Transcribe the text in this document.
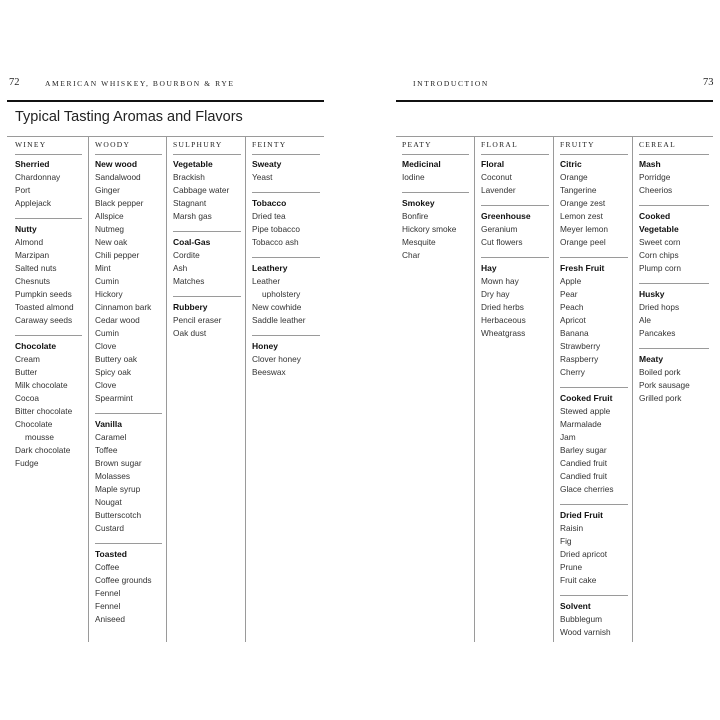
72	AMERICAN WHISKEY, BOURBON & RYE
Typical Tasting Aromas and Flavors
INTRODUCTION	73
WINEY
Sherried
Chardonnay
Port
Applejack
Nutty
Almond
Marzipan
Salted nuts
Chesnuts
Pumpkin seeds
Toasted almond
Caraway seeds
Chocolate
Cream
Butter
Milk chocolate
Cocoa
Bitter chocolate
Chocolate
mousse
Dark chocolate
Fudge
WOODY
New wood
Sandalwood
Ginger
Black pepper
Allspice
Nutmeg
New oak
Chili pepper
Mint
Cumin
Hickory
Cinnamon bark
Cedar wood
Cumin
Clove
Buttery oak
Spicy oak
Clove
Spearmint
Vanilla
Caramel
Toffee
Brown sugar
Molasses
Maple syrup
Nougat
Butterscotch
Custard
Toasted
Coffee
Coffee grounds
Fennel
Fennel
Aniseed
SULPHURY
Vegetable
Brackish
Cabbage water
Stagnant
Marsh gas
Coal-Gas
Cordite
Ash
Matches
Rubbery
Pencil eraser
Oak dust
FEINTY
Sweaty
Yeast
Tobacco
Dried tea
Pipe tobacco
Tobacco ash
Leathery
Leather
upholstery
New cowhide
Saddle leather
Honey
Clover honey
Beeswax
PEATY
Medicinal
Iodine
Smokey
Bonfire
Hickory smoke
Mesquite
Char
FLORAL
Floral
Coconut
Lavender
Greenhouse
Geranium
Cut flowers
Hay
Mown hay
Dry hay
Dried herbs
Herbaceous
Wheatgrass
FRUITY
Citric
Orange
Tangerine
Orange zest
Lemon zest
Meyer lemon
Orange peel
Fresh Fruit
Apple
Pear
Peach
Apricot
Banana
Strawberry
Raspberry
Cherry
Cooked Fruit
Stewed apple
Marmalade
Jam
Barley sugar
Candied fruit
Candied fruit
Glace cherries
Dried Fruit
Raisin
Fig
Dried apricot
Prune
Fruit cake
Solvent
Bubblegum
Wood varnish
CEREAL
Mash
Porridge
Cheerios
Cooked
Vegetable
Sweet corn
Corn chips
Plump corn
Husky
Dried hops
Ale
Pancakes
Meaty
Boiled pork
Pork sausage
Grilled pork
